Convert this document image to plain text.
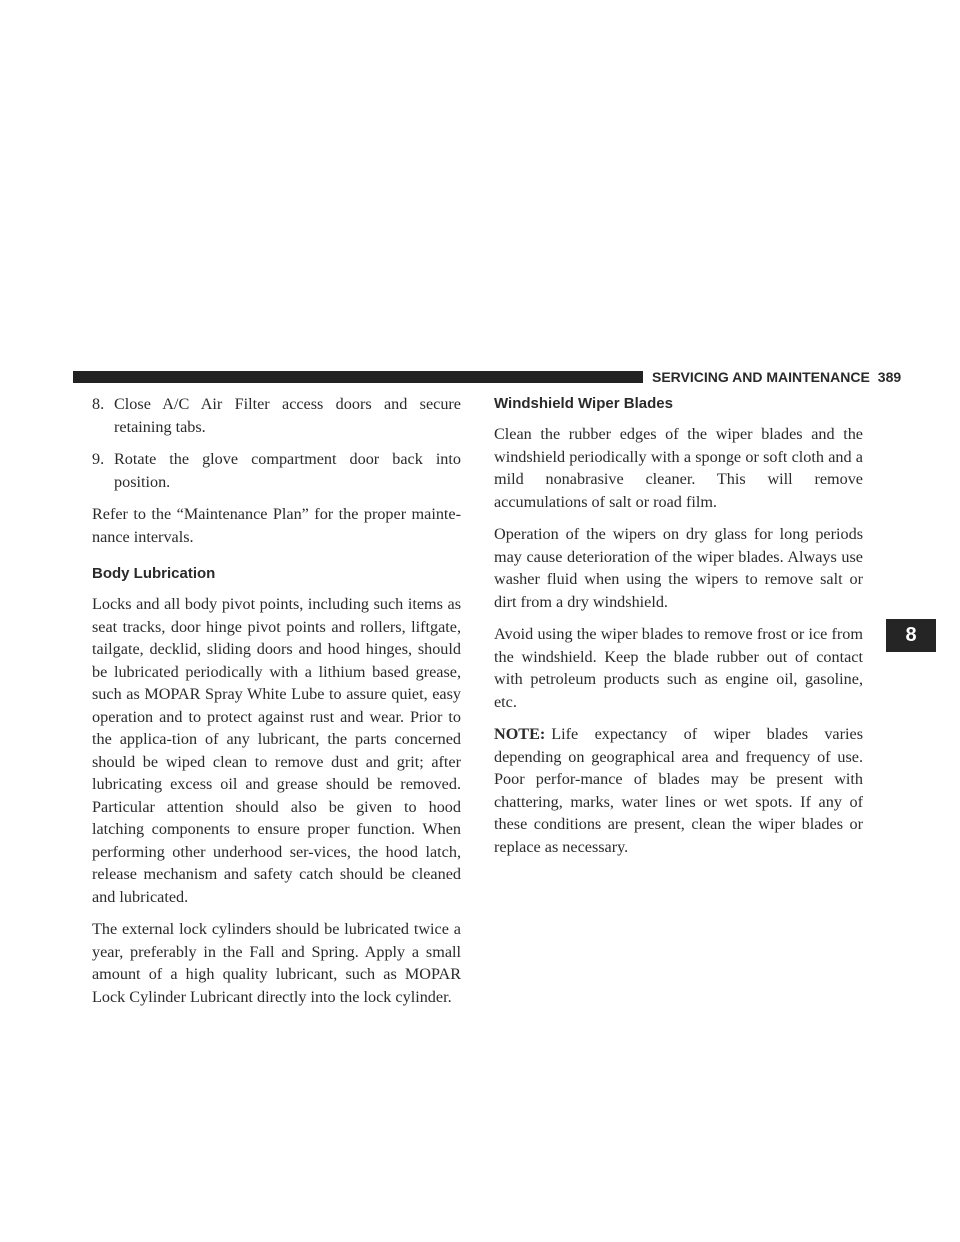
SERVICING AND MAINTENANCE 389
8
8. Close A/C Air Filter access doors and secure retaining tabs.
9. Rotate the glove compartment door back into position.

Refer to the “Maintenance Plan” for the proper mainte-nance intervals.

Body Lubrication

Locks and all body pivot points, including such items as seat tracks, door hinge pivot points and rollers, liftgate, tailgate, decklid, sliding doors and hood hinges, should be lubricated periodically with a lithium based grease, such as MOPAR Spray White Lube to assure quiet, easy operation and to protect against rust and wear. Prior to the applica-tion of any lubricant, the parts concerned should be wiped clean to remove dust and grit; after lubricating excess oil and grease should be removed. Particular attention should also be given to hood latching components to ensure proper function. When performing other underhood ser-vices, the hood latch, release mechanism and safety catch should be cleaned and lubricated.

The external lock cylinders should be lubricated twice a year, preferably in the Fall and Spring. Apply a small amount of a high quality lubricant, such as MOPAR Lock Cylinder Lubricant directly into the lock cylinder.

Windshield Wiper Blades

Clean the rubber edges of the wiper blades and the windshield periodically with a sponge or soft cloth and a mild nonabrasive cleaner. This will remove accumulations of salt or road film.

Operation of the wipers on dry glass for long periods may cause deterioration of the wiper blades. Always use washer fluid when using the wipers to remove salt or dirt from a dry windshield.

Avoid using the wiper blades to remove frost or ice from the windshield. Keep the blade rubber out of contact with petroleum products such as engine oil, gasoline, etc.

NOTE: Life expectancy of wiper blades varies depending on geographical area and frequency of use. Poor perfor-mance of blades may be present with chattering, marks, water lines or wet spots. If any of these conditions are present, clean the wiper blades or replace as necessary.
